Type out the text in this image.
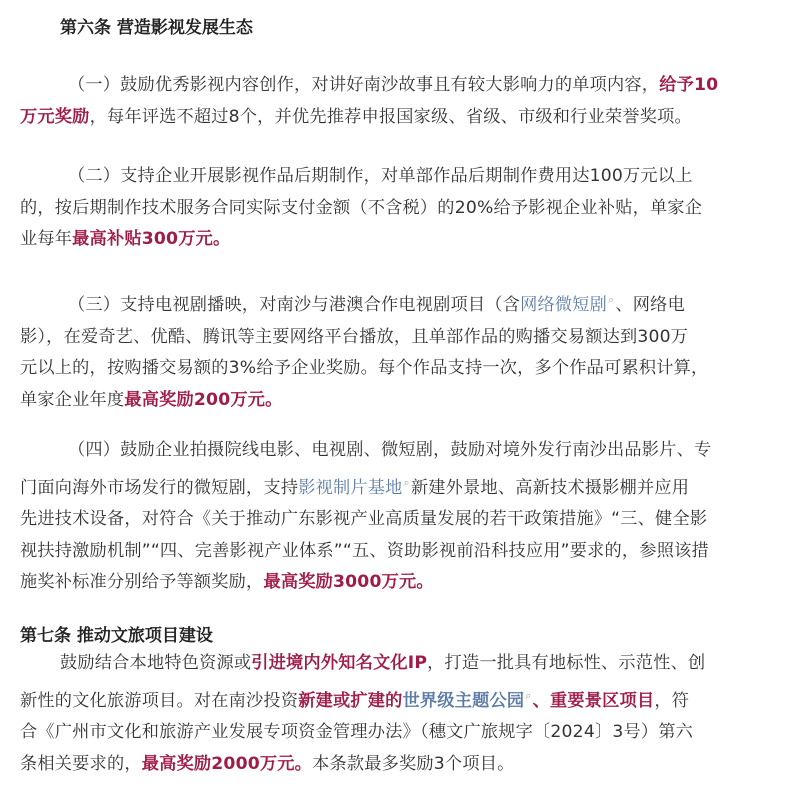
第六条 营造影视发展生态
（一）鼓励优秀影视内容创作，对讲好南沙故事且有较大影响力的单项内容，给予10
万元奖励，每年评选不超过8个，并优先推荐申报国家级、省级、市级和行业荣誉奖项。
（二）支持企业开展影视作品后期制作，对单部作品后期制作费用达100万元以上
的，按后期制作技术服务合同实际支付金额（不含税）的20%给予影视企业补贴，单家企
业每年最高补贴300万元。
（三）支持电视剧播映，对南沙与港澳合作电视剧项目（含网络微短剧⌕、网络电
影），在爱奇艺、优酷、腾讯等主要网络平台播放，且单部作品的购播交易额达到300万
元以上的，按购播交易额的3%给予企业奖励。每个作品支持一次，多个作品可累积计算，
单家企业年度最高奖励200万元。
（四）鼓励企业拍摄院线电影、电视剧、微短剧，鼓励对境外发行南沙出品影片、专
门面向海外市场发行的微短剧，支持影视制片基地⌕新建外景地、高新技术摄影棚并应用
先进技术设备，对符合《关于推动广东影视产业高质量发展的若干政策措施》“三、健全影
视扶持激励机制”“四、完善影视产业体系”“五、资助影视前沿科技应用”要求的，参照该措
施奖补标准分别给予等额奖励，最高奖励3000万元。
第七条 推动文旅项目建设
鼓励结合本地特色资源或引进境内外知名文化IP，打造一批具有地标性、示范性、创
新性的文化旅游项目。对在南沙投资新建或扩建的世界级主题公园⌕、重要景区项目，符
合《广州市文化和旅游产业发展专项资金管理办法》（穗文广旅规字〔2024〕3号）第六
条相关要求的，最高奖励2000万元。本条款最多奖励3个项目。
